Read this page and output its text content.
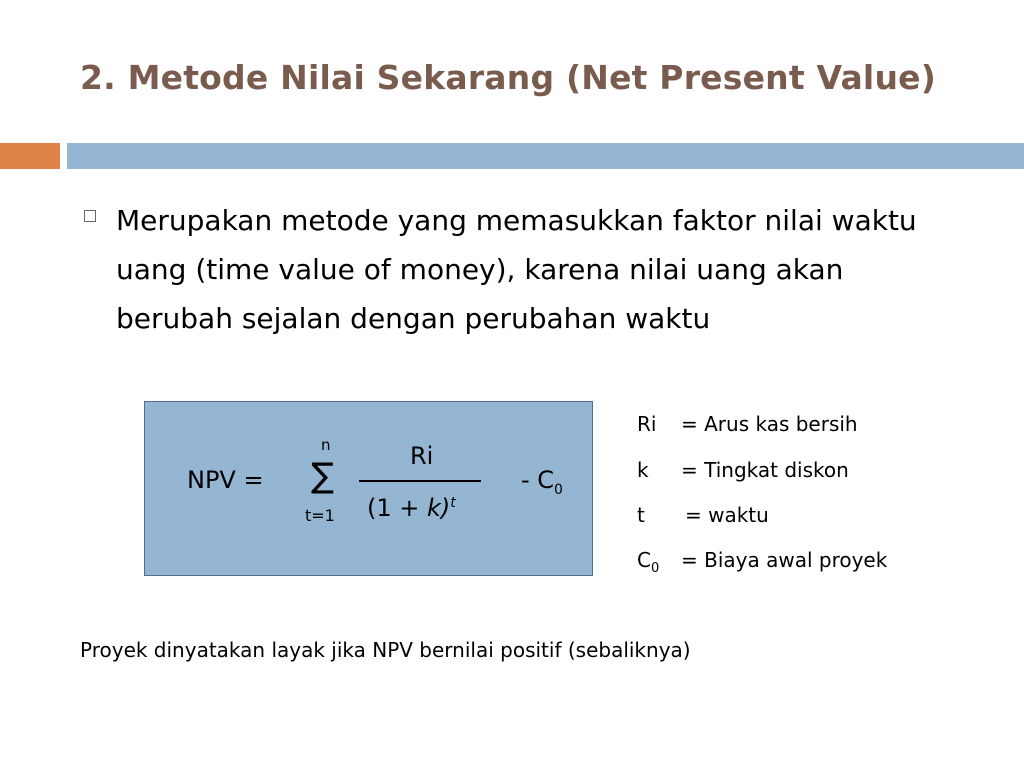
2. Metode Nilai Sekarang (Net Present Value)
Merupakan metode yang memasukkan faktor nilai waktu uang (time value of money), karena nilai uang akan berubah sejalan dengan perubahan waktu
NPV =
n
∑
t=1
Ri
$(1 + k)^t$
- $C_0$
Ri = Arus kas bersih
k = Tingkat diskon
t = waktu
$C_0$ = Biaya awal proyek
Proyek dinyatakan layak jika NPV bernilai positif (sebaliknya)
